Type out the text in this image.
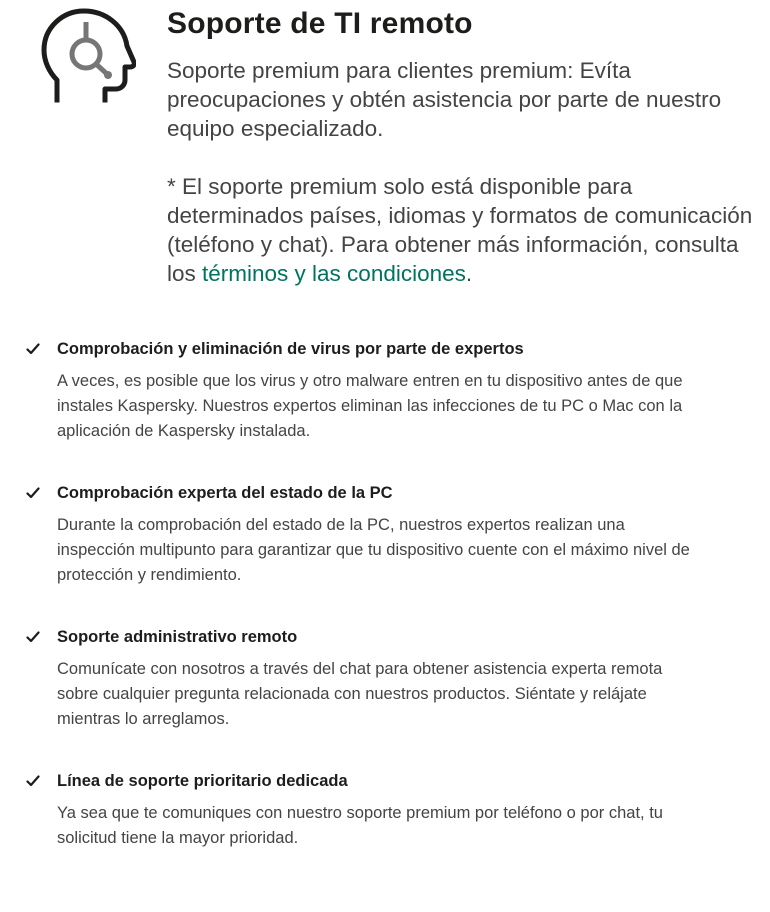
Soporte de TI remoto

Soporte premium para clientes premium: Evíta preocupaciones y obtén asistencia por parte de nuestro equipo especializado.

* El soporte premium solo está disponible para determinados países, idiomas y formatos de comunicación (teléfono y chat). Para obtener más información, consulta los términos y las condiciones.

Comprobación y eliminación de virus por parte de expertos
A veces, es posible que los virus y otro malware entren en tu dispositivo antes de que instales Kaspersky. Nuestros expertos eliminan las infecciones de tu PC o Mac con la aplicación de Kaspersky instalada.
Comprobación experta del estado de la PC
Durante la comprobación del estado de la PC, nuestros expertos realizan una inspección multipunto para garantizar que tu dispositivo cuente con el máximo nivel de protección y rendimiento.
Soporte administrativo remoto
Comunícate con nosotros a través del chat para obtener asistencia experta remota sobre cualquier pregunta relacionada con nuestros productos. Siéntate y relájate mientras lo arreglamos.
Línea de soporte prioritario dedicada
Ya sea que te comuniques con nuestro soporte premium por teléfono o por chat, tu solicitud tiene la mayor prioridad.
